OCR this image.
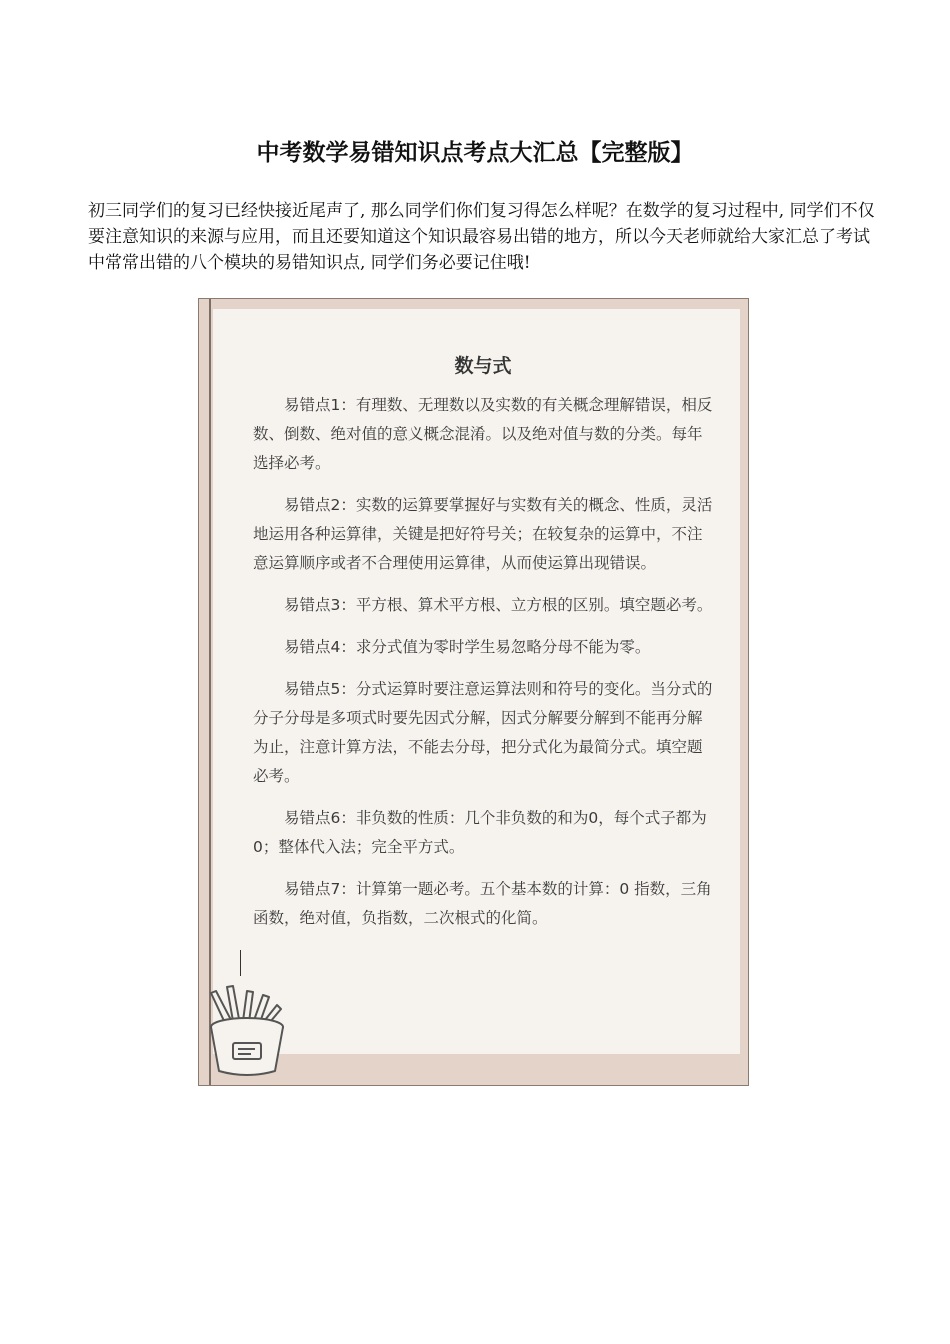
中考数学易错知识点考点大汇总【完整版】
初三同学们的复习已经快接近尾声了, 那么同学们你们复习得怎么样呢？在数学的复习过程中, 同学们不仅要注意知识的来源与应用，而且还要知道这个知识最容易出错的地方，所以今天老师就给大家汇总了考试中常常出错的八个模块的易错知识点, 同学们务必要记住哦!
数与式

易错点1：有理数、无理数以及实数的有关概念理解错误，相反数、倒数、绝对值的意义概念混淆。以及绝对值与数的分类。每年选择必考。

易错点2：实数的运算要掌握好与实数有关的概念、性质，灵活地运用各种运算律，关键是把好符号关；在较复杂的运算中，不注意运算顺序或者不合理使用运算律，从而使运算出现错误。

易错点3：平方根、算术平方根、立方根的区别。填空题必考。

易错点4：求分式值为零时学生易忽略分母不能为零。

易错点5：分式运算时要注意运算法则和符号的变化。当分式的分子分母是多项式时要先因式分解，因式分解要分解到不能再分解为止，注意计算方法，不能去分母，把分式化为最简分式。填空题必考。

易错点6：非负数的性质：几个非负数的和为0，每个式子都为0；整体代入法；完全平方式。

易错点7：计算第一题必考。五个基本数的计算：0 指数，三角函数，绝对值，负指数，二次根式的化简。
